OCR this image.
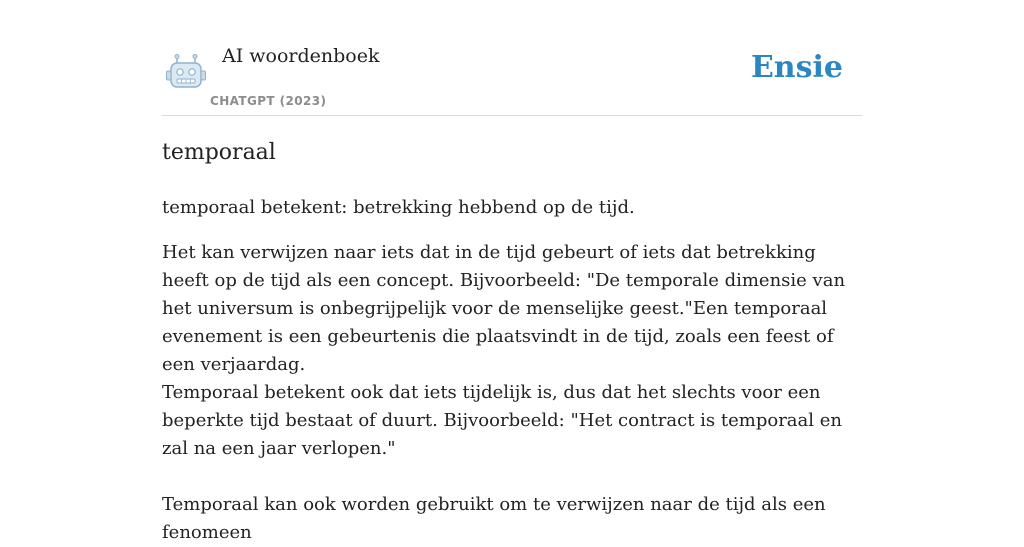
AI woordenboek
CHATGPT (2023)
Ensie
temporaal
temporaal betekent: betrekking hebbend op de tijd.

Het kan verwijzen naar iets dat in de tijd gebeurt of iets dat betrekking heeft op de tijd als een concept. Bijvoorbeeld: "De temporale dimensie van het universum is onbegrijpelijk voor de menselijke geest."Een temporaal evenement is een gebeurtenis die plaatsvindt in de tijd, zoals een feest of een verjaardag.

Temporaal betekent ook dat iets tijdelijk is, dus dat het slechts voor een beperkte tijd bestaat of duurt. Bijvoorbeeld: "Het contract is temporaal en zal na een jaar verlopen."

Temporaal kan ook worden gebruikt om te verwijzen naar de tijd als een fenomeen
